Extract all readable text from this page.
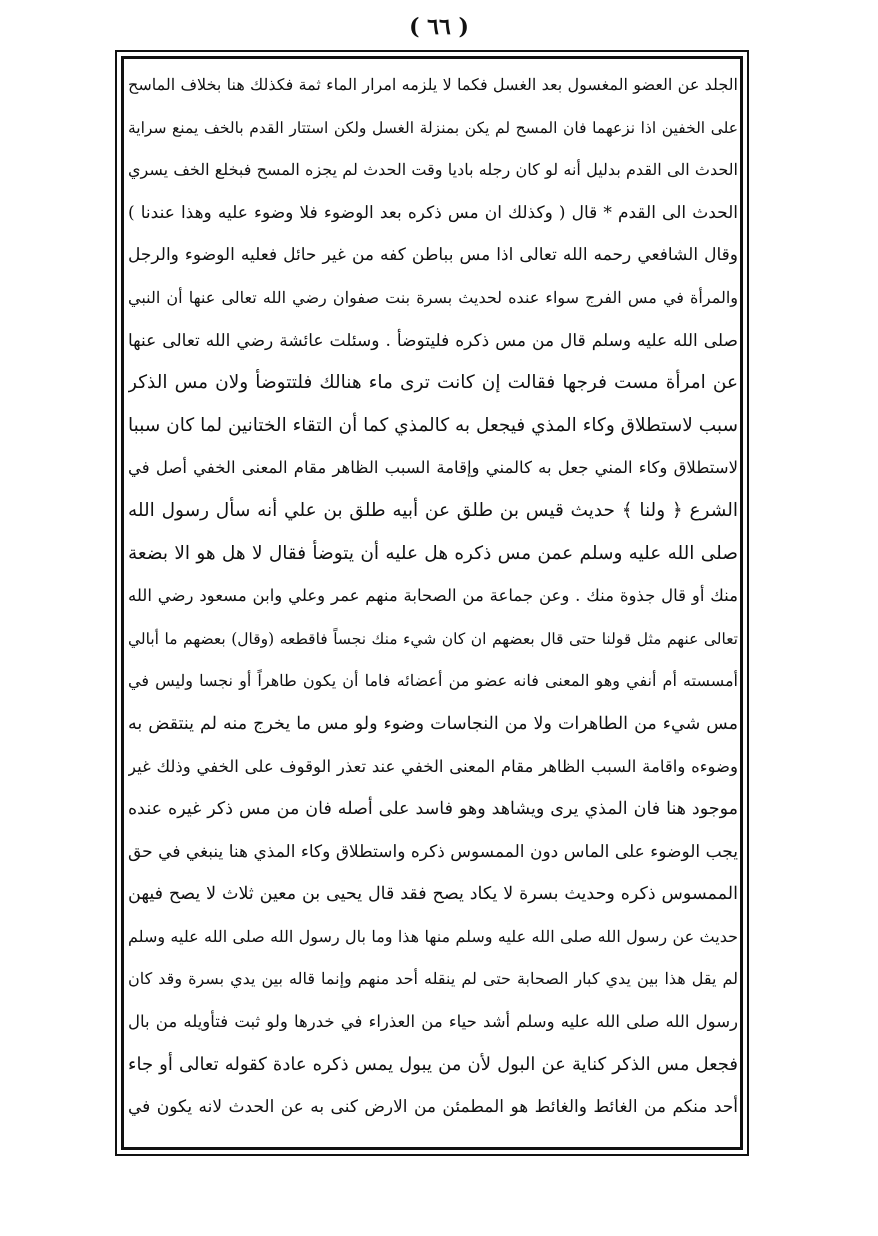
( ٦٦ )
الجلد عن العضو المغسول بعد الغسل فكما لا يلزمه امرار الماء ثمة فكذلك هنا بخلاف الماسح
على الخفين اذا نزعهما فان المسح لم يكن بمنزلة الغسل ولكن استتار القدم بالخف يمنع سراية
الحدث الى القدم بدليل أنه لو كان رجله باديا وقت الحدث لم يجزه المسح فبخلع الخف يسري
الحدث الى القدم * قال ( وكذلك ان مس ذكره بعد الوضوء فلا وضوء عليه وهذا عندنا )
وقال الشافعي رحمه الله تعالى اذا مس بباطن كفه من غير حائل فعليه الوضوء والرجل
والمرأة في مس الفرج سواء عنده لحديث بسرة بنت صفوان رضي الله تعالى عنها أن النبي
صلى الله عليه وسلم قال من مس ذكره فليتوضأ . وسئلت عائشة رضي الله تعالى عنها
عن امرأة مست فرجها فقالت إن كانت ترى ماء هنالك فلتتوضأ ولان مس الذكر
سبب لاستطلاق وكاء المذي فيجعل به كالمذي كما أن التقاء الختانين لما كان سببا
لاستطلاق وكاء المني جعل به كالمني وإقامة السبب الظاهر مقام المعنى الخفي أصل في
الشرع ﴿ ولنا ﴾ حديث قيس بن طلق عن أبيه طلق بن علي أنه سأل رسول الله
صلى الله عليه وسلم عمن مس ذكره هل عليه أن يتوضأ فقال لا هل هو الا بضعة
منك أو قال جذوة منك . وعن جماعة من الصحابة منهم عمر وعلي وابن مسعود رضي الله
تعالى عنهم مثل قولنا حتى قال بعضهم ان كان شيء منك نجساً فاقطعه (وقال) بعضهم ما أبالي
أمسسته أم أنفي وهو المعنى فانه عضو من أعضائه فاما أن يكون طاهراً أو نجسا وليس في
مس شيء من الطاهرات ولا من النجاسات وضوء ولو مس ما يخرج منه لم ينتقض به
وضوءه واقامة السبب الظاهر مقام المعنى الخفي عند تعذر الوقوف على الخفي وذلك غير
موجود هنا فان المذي يرى ويشاهد وهو فاسد على أصله فان من مس ذكر غيره عنده
يجب الوضوء على الماس دون الممسوس ذكره واستطلاق وكاء المذي هنا ينبغي في حق
الممسوس ذكره وحديث بسرة لا يكاد يصح فقد قال يحيى بن معين ثلاث لا يصح فيهن
حديث عن رسول الله صلى الله عليه وسلم منها هذا وما بال رسول الله صلى الله عليه وسلم
لم يقل هذا بين يدي كبار الصحابة حتى لم ينقله أحد منهم وإنما قاله بين يدي بسرة وقد كان
رسول الله صلى الله عليه وسلم أشد حياء من العذراء في خدرها ولو ثبت فتأويله من بال
فجعل مس الذكر كناية عن البول لأن من يبول يمس ذكره عادة كقوله تعالى أو جاء
أحد منكم من الغائط والغائط هو المطمئن من الارض كنى به عن الحدث لانه يكون في
